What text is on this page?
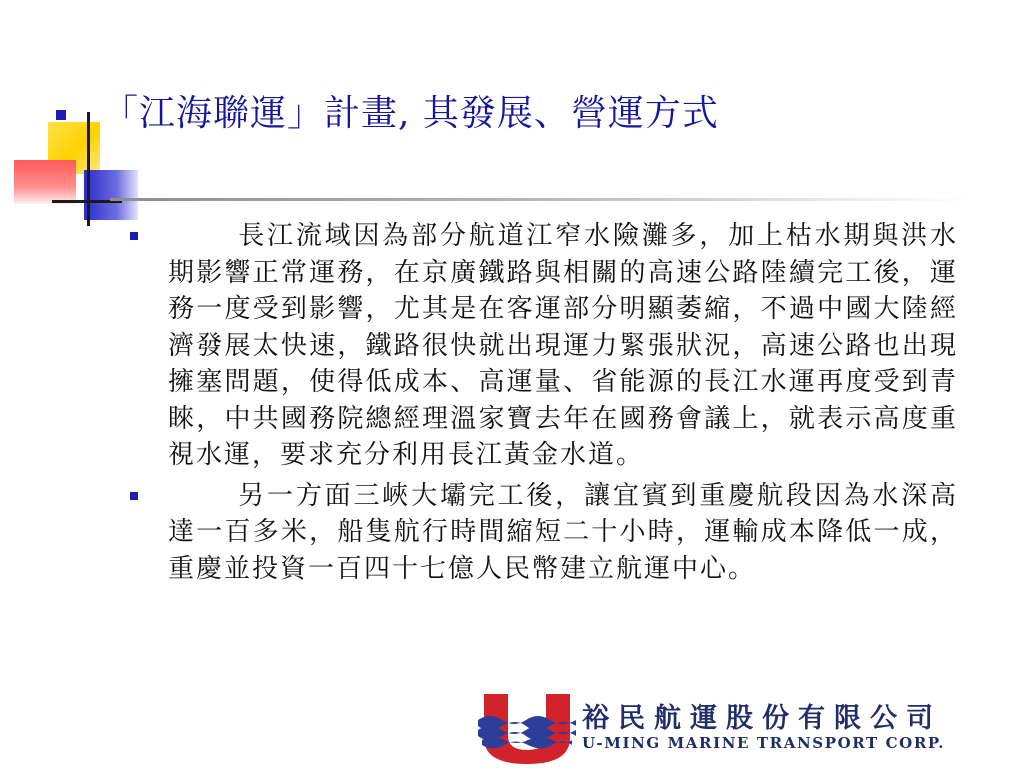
「江海聯運」計畫, 其發展、營運方式
長江流域因為部分航道江窄水險灘多，加上枯水期與洪水期影響正常運務，在京廣鐵路與相關的高速公路陸續完工後，運務一度受到影響，尤其是在客運部分明顯萎縮，不過中國大陸經濟發展太快速，鐵路很快就出現運力緊張狀況，高速公路也出現擁塞問題，使得低成本、高運量、省能源的長江水運再度受到青睞，中共國務院總經理溫家寶去年在國務會議上，就表示高度重視水運，要求充分利用長江黃金水道。
另一方面三峽大壩完工後，讓宜賓到重慶航段因為水深高達一百多米，船隻航行時間縮短二十小時，運輸成本降低一成，重慶並投資一百四十七億人民幣建立航運中心。
裕民航運股份有限公司
U-MING MARINE TRANSPORT CORP.
